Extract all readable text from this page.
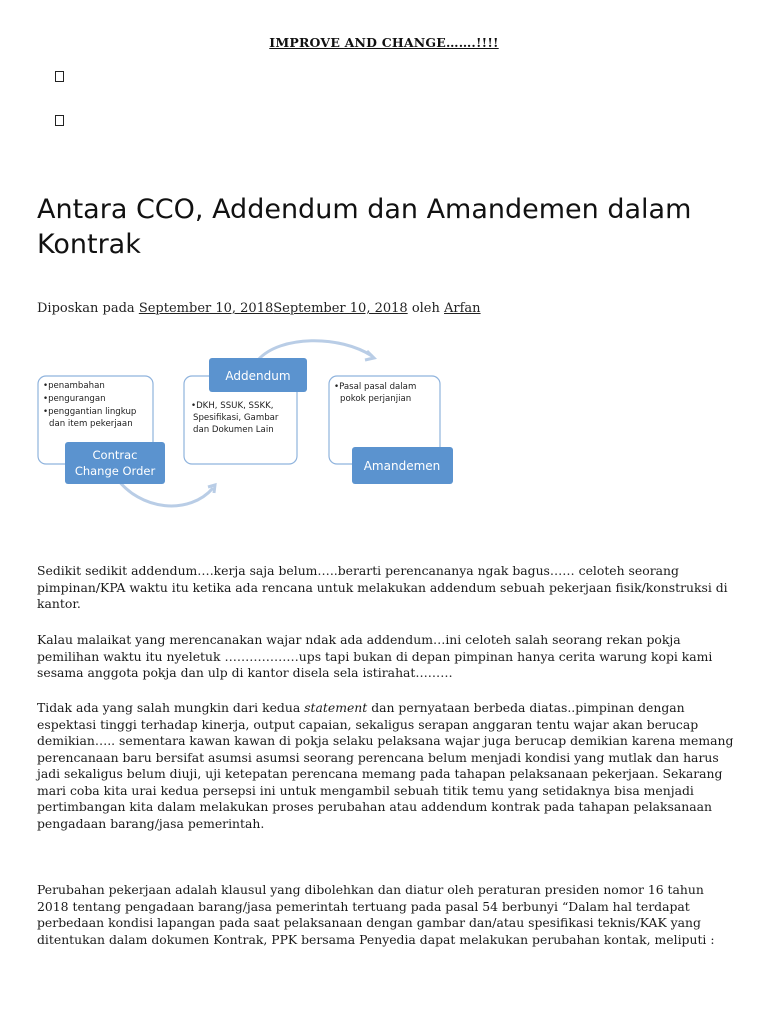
IMPROVE AND CHANGE…….!!!!
Antara CCO, Addendum dan Amandemen dalam Kontrak
Diposkan pada September 10, 2018September 10, 2018 oleh Arfan
•penambahan
•pengurangan
•penggantian lingkup
dan item pekerjaan
Contrac
Change Order
Addendum
•DKH, SSUK, SSKK,
Spesifikasi, Gambar
dan Dokumen Lain
•Pasal pasal dalam
pokok perjanjian
Amandemen

Sedikit sedikit addendum….kerja saja belum…..berarti perencananya ngak bagus…… celoteh seorang pimpinan/KPA waktu itu ketika ada rencana untuk melakukan addendum sebuah pekerjaan fisik/konstruksi di kantor.

Kalau malaikat yang merencanakan wajar ndak ada addendum…ini celoteh salah seorang rekan pokja pemilihan waktu itu nyeletuk ………………ups tapi bukan di depan pimpinan hanya cerita warung kopi kami sesama anggota pokja dan ulp di kantor disela sela istirahat………

Tidak ada yang salah mungkin dari kedua statement dan pernyataan berbeda diatas..pimpinan dengan espektasi tinggi terhadap kinerja, output capaian, sekaligus serapan anggaran tentu wajar akan berucap demikian….. sementara kawan kawan di pokja selaku pelaksana wajar juga berucap demikian karena memang perencanaan baru bersifat asumsi asumsi seorang perencana belum menjadi kondisi yang mutlak dan harus jadi sekaligus belum diuji, uji ketepatan perencana memang pada tahapan pelaksanaan pekerjaan. Sekarang mari coba kita urai kedua persepsi ini untuk mengambil sebuah titik temu yang setidaknya bisa menjadi pertimbangan kita dalam melakukan proses perubahan atau addendum kontrak pada tahapan pelaksanaan pengadaan barang/jasa pemerintah.

Perubahan pekerjaan adalah klausul yang dibolehkan dan diatur oleh peraturan presiden nomor 16 tahun 2018 tentang pengadaan barang/jasa pemerintah tertuang pada pasal 54 berbunyi “Dalam hal terdapat perbedaan kondisi lapangan pada saat pelaksanaan dengan gambar dan/atau spesifikasi teknis/KAK yang ditentukan dalam dokumen Kontrak, PPK bersama Penyedia dapat melakukan perubahan kontak, meliputi :
